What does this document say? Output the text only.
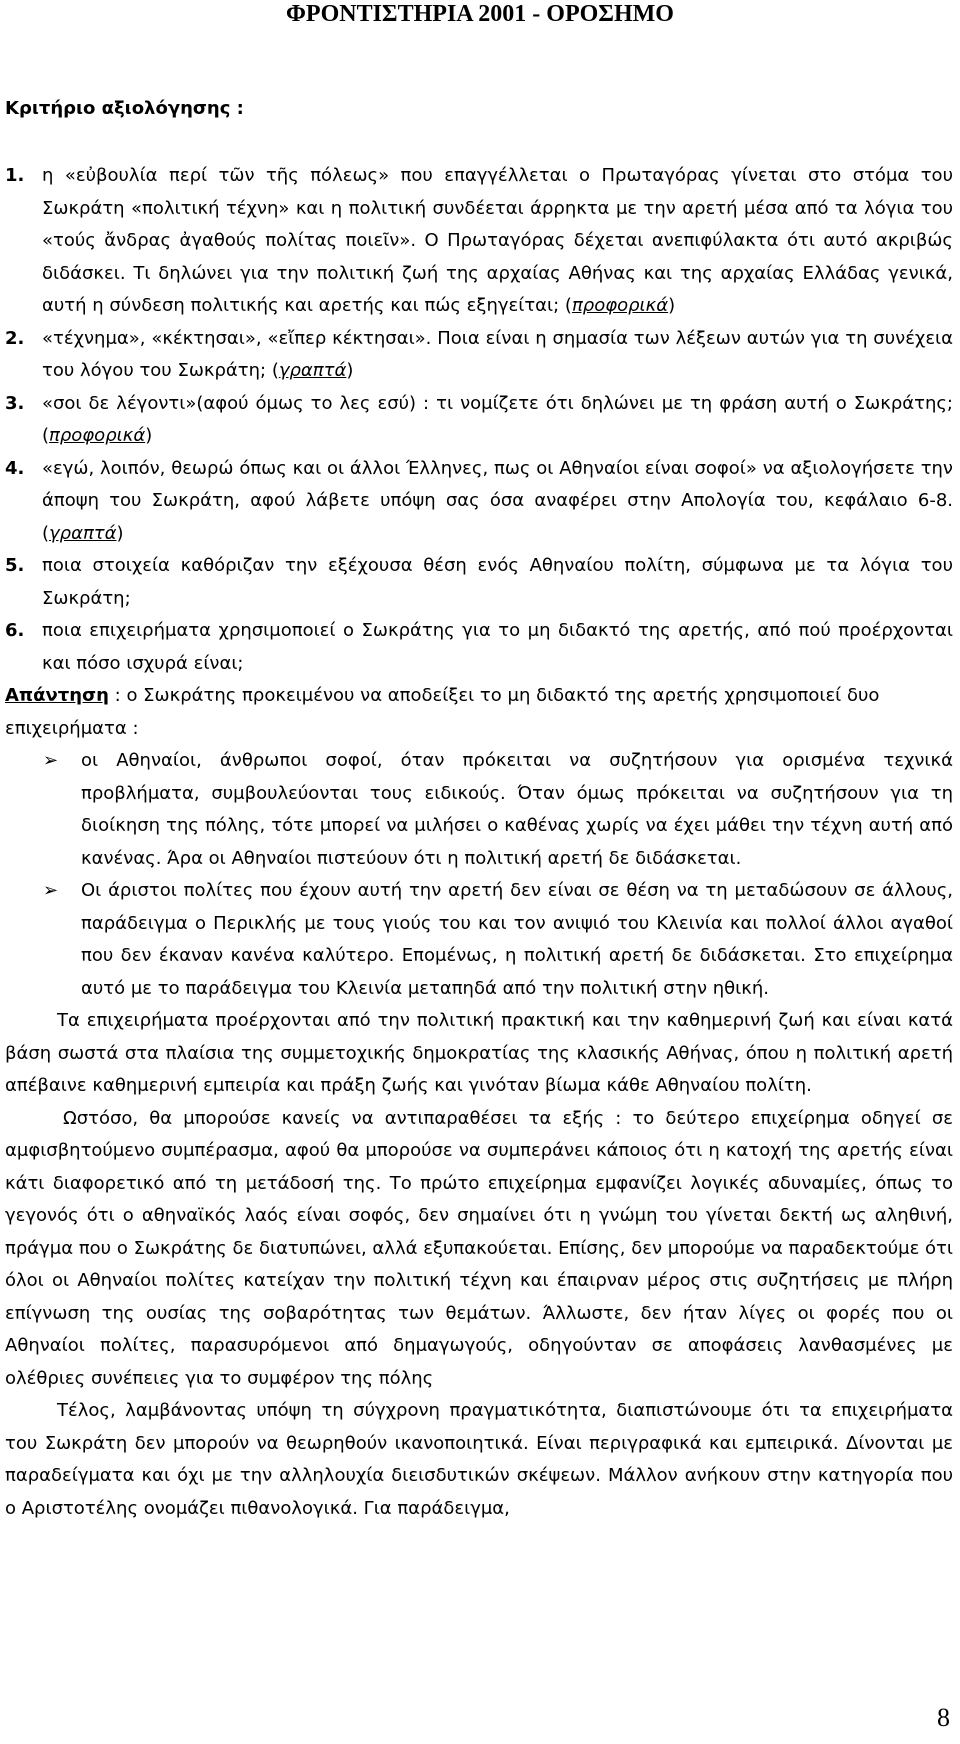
ΦΡΟΝΤΙΣΤΗΡΙΑ 2001 - ΟΡΟΣΗΜΟ
Κριτήριο αξιολόγησης :
1. η «εὐβουλία περί τῶν τῆς πόλεως» που επαγγέλλεται ο Πρωταγόρας γίνεται στο στόμα του Σωκράτη «πολιτική τέχνη» και η πολιτική συνδέεται άρρηκτα με την αρετή μέσα από τα λόγια του «τούς ἄνδρας ἀγαθούς πολίτας ποιεῖν». Ο Πρωταγόρας δέχεται ανεπιφύλακτα ότι αυτό ακριβώς διδάσκει. Τι δηλώνει για την πολιτική ζωή της αρχαίας Αθήνας και της αρχαίας Ελλάδας γενικά, αυτή η σύνδεση πολιτικής και αρετής και πώς εξηγείται; (προφορικά)
2. «τέχνημα», «κέκτησαι», «εἴπερ κέκτησαι». Ποια είναι η σημασία των λέξεων αυτών για τη συνέχεια του λόγου του Σωκράτη; (γραπτά)
3. «σοι δε λέγοντι»(αφού όμως το λες εσύ) : τι νομίζετε ότι δηλώνει με τη φράση αυτή ο Σωκράτης; (προφορικά)
4. «εγώ, λοιπόν, θεωρώ όπως και οι άλλοι Έλληνες, πως οι Αθηναίοι είναι σοφοί» να αξιολογήσετε την άποψη του Σωκράτη, αφού λάβετε υπόψη σας όσα αναφέρει στην Απολογία του, κεφάλαιο 6-8.(γραπτά)
5. ποια στοιχεία καθόριζαν την εξέχουσα θέση ενός Αθηναίου πολίτη, σύμφωνα με τα λόγια του Σωκράτη;
6. ποια επιχειρήματα χρησιμοποιεί ο Σωκράτης για το μη διδακτό της αρετής, από πού προέρχονται και πόσο ισχυρά είναι;
Απάντηση : ο Σωκράτης προκειμένου να αποδείξει το μη διδακτό της αρετής χρησιμοποιεί δυο επιχειρήματα :
➢	οι Αθηναίοι, άνθρωποι σοφοί, όταν πρόκειται να συζητήσουν για ορισμένα τεχνικά προβλήματα, συμβουλεύονται τους ειδικούς. Όταν όμως πρόκειται να συζητήσουν για τη διοίκηση της πόλης, τότε μπορεί να μιλήσει ο καθένας χωρίς να έχει μάθει την τέχνη αυτή από κανένας. Άρα οι Αθηναίοι πιστεύουν ότι η πολιτική αρετή δε διδάσκεται.
➢	Οι άριστοι πολίτες που έχουν αυτή την αρετή δεν είναι σε θέση να τη μεταδώσουν σε άλλους, παράδειγμα ο Περικλής με τους γιούς του και τον ανιψιό του Κλεινία και πολλοί άλλοι αγαθοί που δεν έκαναν κανένα καλύτερο. Επομένως, η πολιτική αρετή δε διδάσκεται. Στο επιχείρημα αυτό με το παράδειγμα του Κλεινία μεταπηδά από την πολιτική στην ηθική.
Τα επιχειρήματα προέρχονται από την πολιτική πρακτική και την καθημερινή ζωή και είναι κατά βάση σωστά στα πλαίσια της συμμετοχικής δημοκρατίας της κλασικής Αθήνας, όπου η πολιτική αρετή απέβαινε καθημερινή εμπειρία και πράξη ζωής και γινόταν βίωμα κάθε Αθηναίου πολίτη.
Ωστόσο, θα μπορούσε κανείς να αντιπαραθέσει τα εξής : το δεύτερο επιχείρημα οδηγεί σε αμφισβητούμενο συμπέρασμα, αφού θα μπορούσε να συμπεράνει κάποιος ότι η κατοχή της αρετής είναι κάτι διαφορετικό από τη μετάδοσή της. Το πρώτο επιχείρημα εμφανίζει λογικές αδυναμίες, όπως το γεγονός ότι ο αθηναϊκός λαός είναι σοφός, δεν σημαίνει ότι η γνώμη του γίνεται δεκτή ως αληθινή, πράγμα που ο Σωκράτης δε διατυπώνει, αλλά εξυπακούεται. Επίσης, δεν μπορούμε να παραδεκτούμε ότι όλοι οι Αθηναίοι πολίτες κατείχαν την πολιτική τέχνη και έπαιρναν μέρος στις συζητήσεις με πλήρη επίγνωση της ουσίας της σοβαρότητας των θεμάτων. Άλλωστε, δεν ήταν λίγες οι φορές που οι Αθηναίοι πολίτες, παρασυρόμενοι από δημαγωγούς, οδηγούνταν σε αποφάσεις λανθασμένες με ολέθριες συνέπειες για το συμφέρον της πόλης
Τέλος, λαμβάνοντας υπόψη τη σύγχρονη πραγματικότητα, διαπιστώνουμε ότι τα επιχειρήματα του Σωκράτη δεν μπορούν να θεωρηθούν ικανοποιητικά. Είναι περιγραφικά και εμπειρικά. Δίνονται με παραδείγματα και όχι με την αλληλουχία διεισδυτικών σκέψεων. Μάλλον ανήκουν στην κατηγορία που ο Αριστοτέλης ονομάζει πιθανολογικά. Για παράδειγμα,
8
